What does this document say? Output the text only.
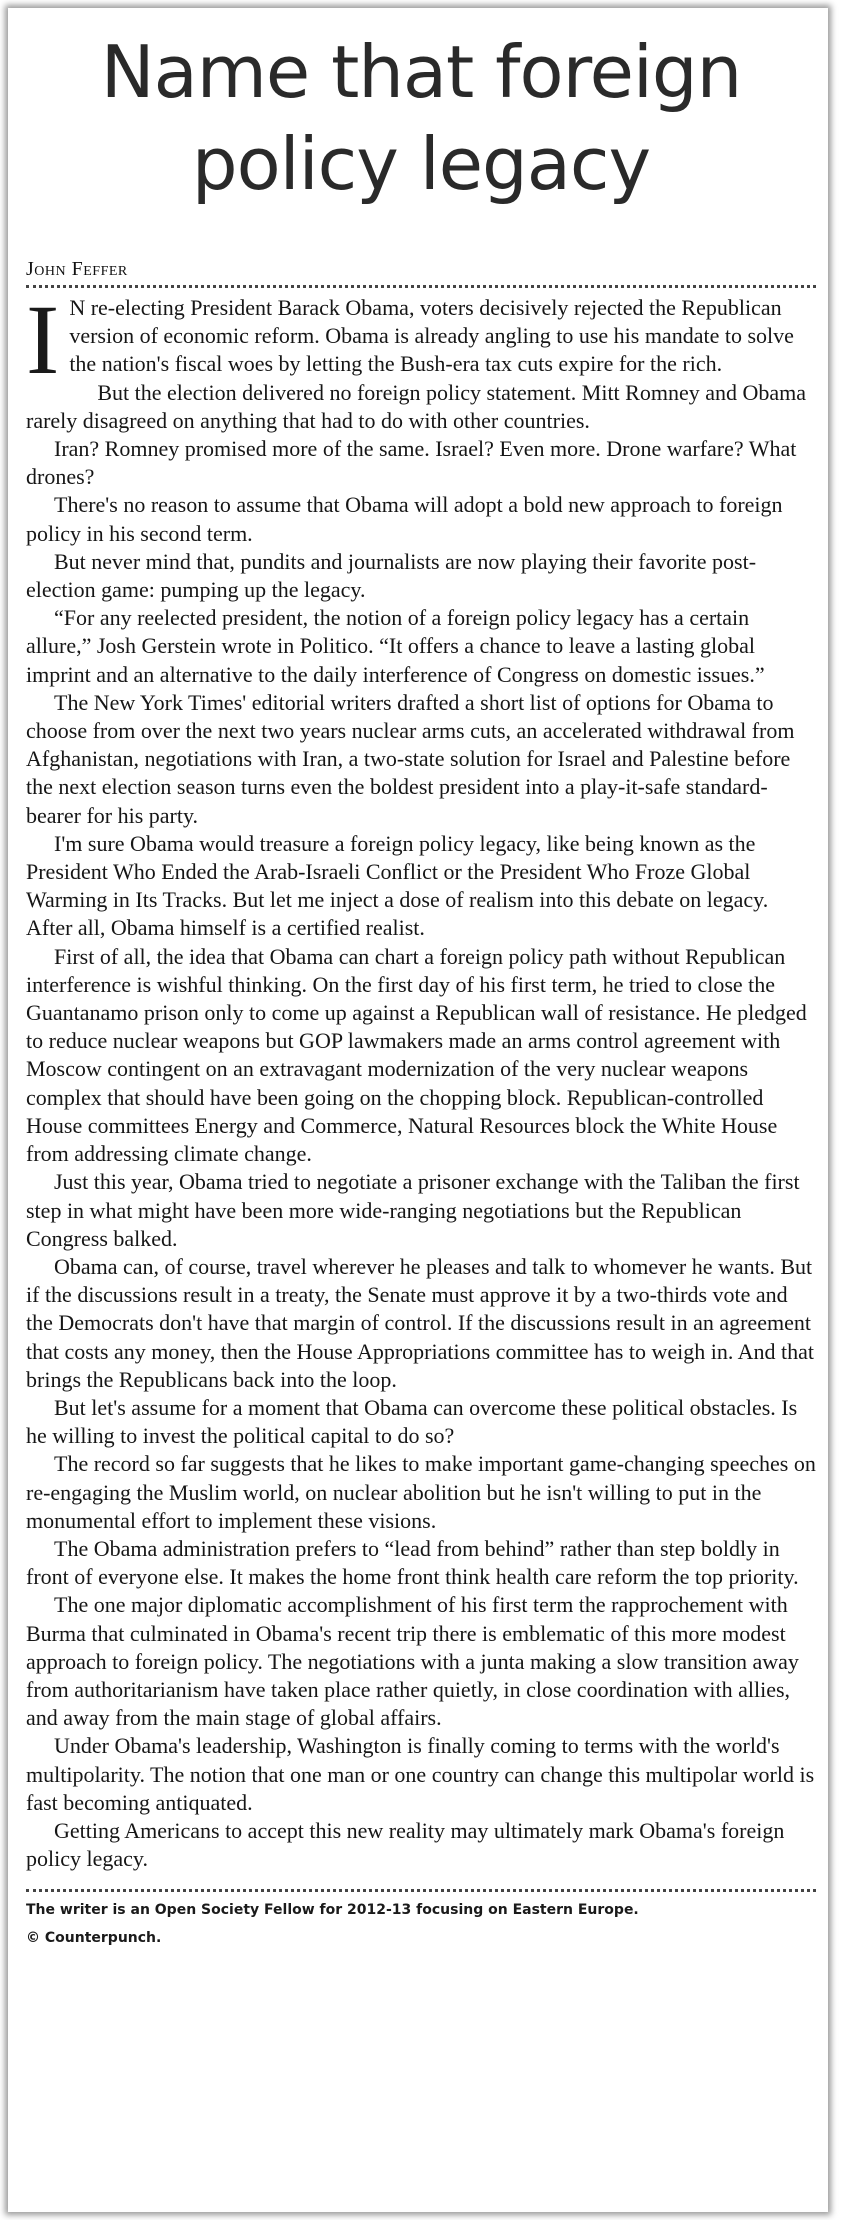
Name that foreign policy legacy
John Feffer

I N re-electing President Barack Obama, voters decisively rejected the Republican version of economic reform. Obama is already angling to use his mandate to solve the nation's fiscal woes by letting the Bush-era tax cuts expire for the rich.

But the election delivered no foreign policy statement. Mitt Romney and Obama rarely disagreed on anything that had to do with other countries.

Iran? Romney promised more of the same. Israel? Even more. Drone warfare? What drones?

There's no reason to assume that Obama will adopt a bold new approach to foreign policy in his second term.

But never mind that, pundits and journalists are now playing their favorite post-election game: pumping up the legacy.

“For any reelected president, the notion of a foreign policy legacy has a certain allure,” Josh Gerstein wrote in Politico. “It offers a chance to leave a lasting global imprint and an alternative to the daily interference of Congress on domestic issues.”

The New York Times' editorial writers drafted a short list of options for Obama to choose from over the next two years nuclear arms cuts, an accelerated withdrawal from Afghanistan, negotiations with Iran, a two-state solution for Israel and Palestine before the next election season turns even the boldest president into a play-it-safe standard-bearer for his party.

I'm sure Obama would treasure a foreign policy legacy, like being known as the President Who Ended the Arab-Israeli Conflict or the President Who Froze Global Warming in Its Tracks. But let me inject a dose of realism into this debate on legacy. After all, Obama himself is a certified realist.

First of all, the idea that Obama can chart a foreign policy path without Republican interference is wishful thinking. On the first day of his first term, he tried to close the Guantanamo prison only to come up against a Republican wall of resistance. He pledged to reduce nuclear weapons but GOP lawmakers made an arms control agreement with Moscow contingent on an extravagant modernization of the very nuclear weapons complex that should have been going on the chopping block. Republican-controlled House committees Energy and Commerce, Natural Resources block the White House from addressing climate change.

Just this year, Obama tried to negotiate a prisoner exchange with the Taliban the first step in what might have been more wide-ranging negotiations but the Republican Congress balked.

Obama can, of course, travel wherever he pleases and talk to whomever he wants. But if the discussions result in a treaty, the Senate must approve it by a two-thirds vote and the Democrats don't have that margin of control. If the discussions result in an agreement that costs any money, then the House Appropriations committee has to weigh in. And that brings the Republicans back into the loop.

But let's assume for a moment that Obama can overcome these political obstacles. Is he willing to invest the political capital to do so?

The record so far suggests that he likes to make important game-changing speeches on re-engaging the Muslim world, on nuclear abolition but he isn't willing to put in the monumental effort to implement these visions.

The Obama administration prefers to “lead from behind” rather than step boldly in front of everyone else. It makes the home front think health care reform the top priority.

The one major diplomatic accomplishment of his first term the rapprochement with Burma that culminated in Obama's recent trip there is emblematic of this more modest approach to foreign policy. The negotiations with a junta making a slow transition away from authoritarianism have taken place rather quietly, in close coordination with allies, and away from the main stage of global affairs.

Under Obama's leadership, Washington is finally coming to terms with the world's multipolarity. The notion that one man or one country can change this multipolar world is fast becoming antiquated.

Getting Americans to accept this new reality may ultimately mark Obama's foreign policy legacy.

The writer is an Open Society Fellow for 2012-13 focusing on Eastern Europe.

© Counterpunch.
